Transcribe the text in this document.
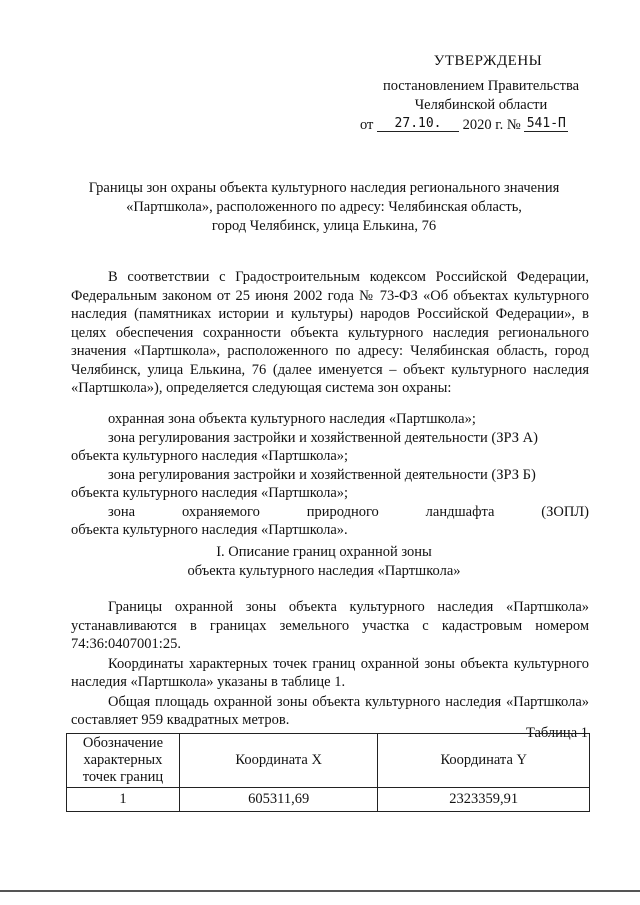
УТВЕРЖДЕНЫ
постановлением Правительства
Челябинской области
от 27.10. 2020 г. № 541-П
Границы зон охраны объекта культурного наследия регионального значения
«Партшкола», расположенного по адресу: Челябинская область,
город Челябинск, улица Елькина, 76

В соответствии с Градостроительным кодексом Российской Федерации, Федеральным законом от 25 июня 2002 года № 73-ФЗ «Об объектах культурного наследия (памятниках истории и культуры) народов Российской Федерации», в целях обеспечения сохранности объекта культурного наследия регионального значения «Партшкола», расположенного по адресу: Челябинская область, город Челябинск, улица Елькина, 76 (далее именуется – объект культурного наследия «Партшкола»), определяется следующая система зон охраны:

охранная зона объекта культурного наследия «Партшкола»;

зона регулирования застройки и хозяйственной деятельности (ЗРЗ А)

объекта культурного наследия «Партшкола»;

зона регулирования застройки и хозяйственной деятельности (ЗРЗ Б)

объекта культурного наследия «Партшкола»;

зона	охраняемого	природного	ландшафта	(ЗОПЛ)

объекта культурного наследия «Партшкола».

I. Описание границ охранной зоны
объекта культурного наследия «Партшкола»

Границы охранной зоны объекта культурного наследия «Партшкола» устанавливаются в границах земельного участка с кадастровым номером 74:36:0407001:25.

Координаты характерных точек границ охранной зоны объекта культурного наследия «Партшкола» указаны в таблице 1.

Общая площадь охранной зоны объекта культурного наследия «Партшкола» составляет 959 квадратных метров.

Таблица 1
Обозначение характерных точек границ	Координата X	Координата Y
1	605311,69	2323359,91
